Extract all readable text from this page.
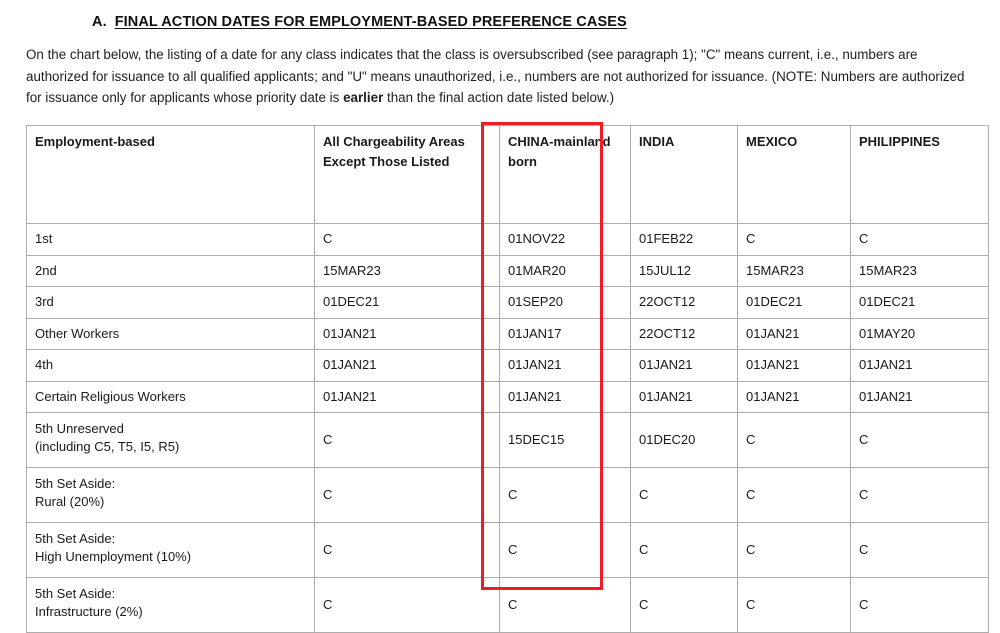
A. FINAL ACTION DATES FOR EMPLOYMENT-BASED PREFERENCE CASES

On the chart below, the listing of a date for any class indicates that the class is oversubscribed (see paragraph 1); "C" means current, i.e., numbers are authorized for issuance to all qualified applicants; and "U" means unauthorized, i.e., numbers are not authorized for issuance. (NOTE: Numbers are authorized for issuance only for applicants whose priority date is earlier than the final action date listed below.)

Employment-based	All Chargeability Areas Except Those Listed	CHINA-mainland born	INDIA	MEXICO	PHILIPPINES
1st	C	01NOV22	01FEB22	C	C
2nd	15MAR23	01MAR20	15JUL12	15MAR23	15MAR23
3rd	01DEC21	01SEP20	22OCT12	01DEC21	01DEC21
Other Workers	01JAN21	01JAN17	22OCT12	01JAN21	01MAY20
4th	01JAN21	01JAN21	01JAN21	01JAN21	01JAN21
Certain Religious Workers	01JAN21	01JAN21	01JAN21	01JAN21	01JAN21

5th Unreserved
(including C5, T5, I5, R5)	C	15DEC15	01DEC20	C	C

5th Set Aside:
Rural (20%)	C	C	C	C	C

5th Set Aside:
High Unemployment (10%)	C	C	C	C	C

5th Set Aside:
Infrastructure (2%)	C	C	C	C	C
